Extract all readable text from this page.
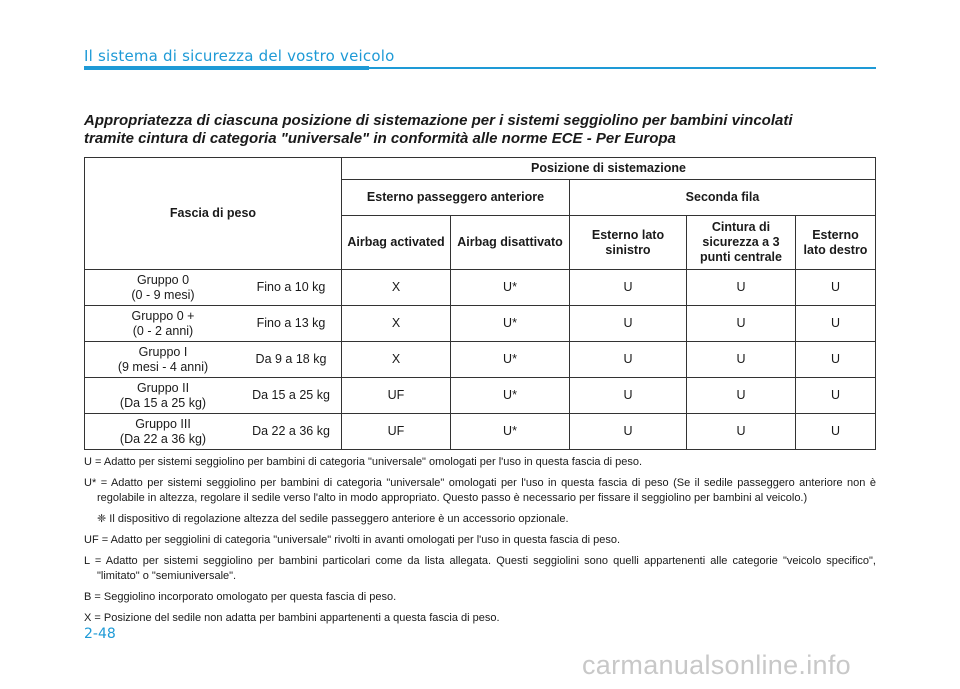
Il sistema di sicurezza del vostro veicolo
Appropriatezza di ciascuna posizione di sistemazione per i sistemi seggiolino per bambini vincolati
tramite cintura di categoria "universale" in conformità alle norme ECE - Per Europa
Fascia di peso		Posizione di sistemazione				
		Esterno passeggero anteriore		Seconda fila		
		Airbag activated	Airbag disattivato	Esterno lato sinistro	Cintura di sicurezza a 3 punti centrale	Esterno lato destro

Gruppo 0
(0 - 9 mesi)	Fino a 10 kg	X	U*	U	U	U

Gruppo 0 +
(0 - 2 anni)	Fino a 13 kg	X	U*	U	U	U

Gruppo I
(9 mesi - 4 anni)	Da 9 a 18 kg	X	U*	U	U	U

Gruppo II
(Da 15 a 25 kg)	Da 15 a 25 kg	UF	U*	U	U	U

Gruppo III
(Da 22 a 36 kg)	Da 22 a 36 kg	UF	U*	U	U	U

U = Adatto per sistemi seggiolino per bambini di categoria "universale" omologati per l'uso in questa fascia di peso.

U* = Adatto per sistemi seggiolino per bambini di categoria "universale" omologati per l'uso in questa fascia di peso (Se il sedile passeggero anteriore non è regolabile in altezza, regolare il sedile verso l'alto in modo appropriato. Questo passo è necessario per fissare il seggiolino per bambini al veicolo.)

❈ Il dispositivo di regolazione altezza del sedile passeggero anteriore è un accessorio opzionale.

UF = Adatto per seggiolini di categoria "universale" rivolti in avanti omologati per l'uso in questa fascia di peso.

L = Adatto per sistemi seggiolino per bambini particolari come da lista allegata. Questi seggiolini sono quelli appartenenti alle categorie "veicolo specifico", "limitato" o "semiuniversale".

B = Seggiolino incorporato omologato per questa fascia di peso.

X = Posizione del sedile non adatta per bambini appartenenti a questa fascia di peso.

2-48
carmanualsonline.info
